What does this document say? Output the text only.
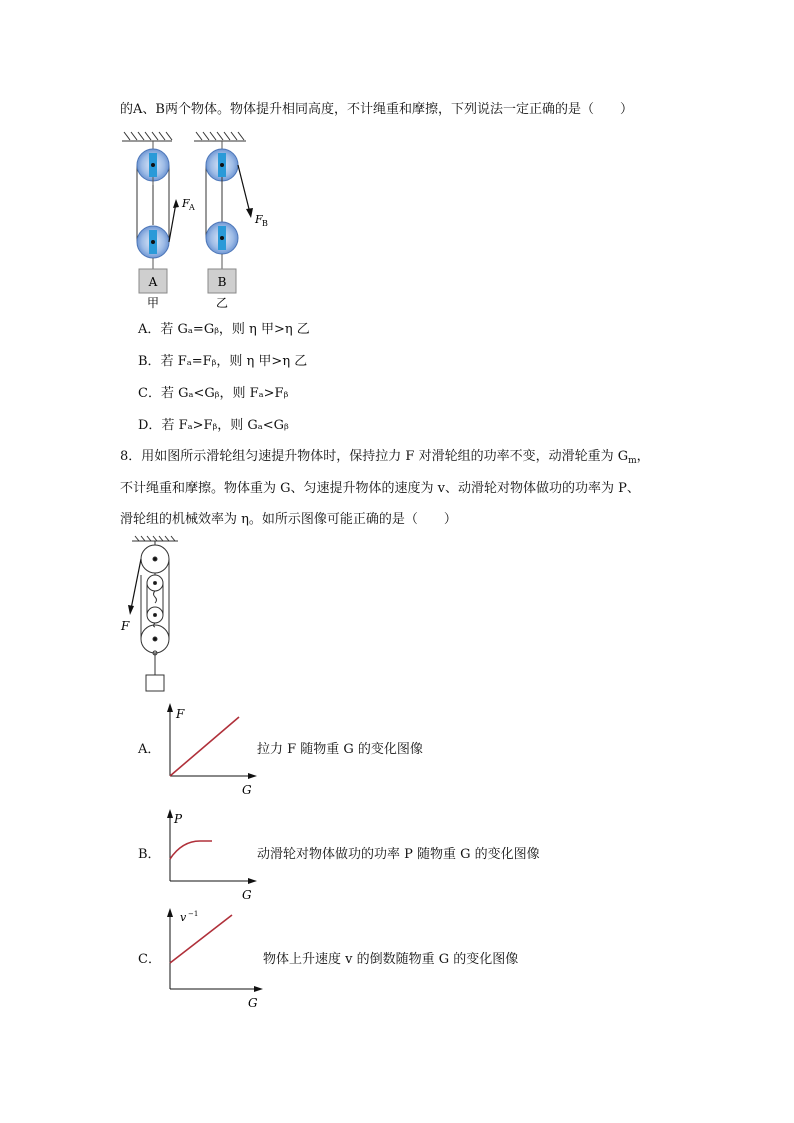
的A、B两个物体。物体提升相同高度，不计绳重和摩擦，下列说法一定正确的是（　　）
A
F A
甲
B
F B
乙
A．若 Gₐ=Gᵦ，则 η 甲>η 乙
B．若 Fₐ=Fᵦ，则 η 甲>η 乙
C．若 Gₐ<Gᵦ，则 Fₐ>Fᵦ
D．若 Fₐ>Fᵦ，则 Gₐ<Gᵦ
8．用如图所示滑轮组匀速提升物体时，保持拉力 F 对滑轮组的功率不变，动滑轮重为 $G_m$，
不计绳重和摩擦。物体重为 G、匀速提升物体的速度为 v、动滑轮对物体做功的功率为 P、
滑轮组的机械效率为 η。如所示图像可能正确的是（　　）
F
A．
F
G
拉力 F 随物重 G 的变化图像
B．
P
G
动滑轮对物体做功的功率 P 随物重 G 的变化图像
C．
v −1
G
物体上升速度 v 的倒数随物重 G 的变化图像
